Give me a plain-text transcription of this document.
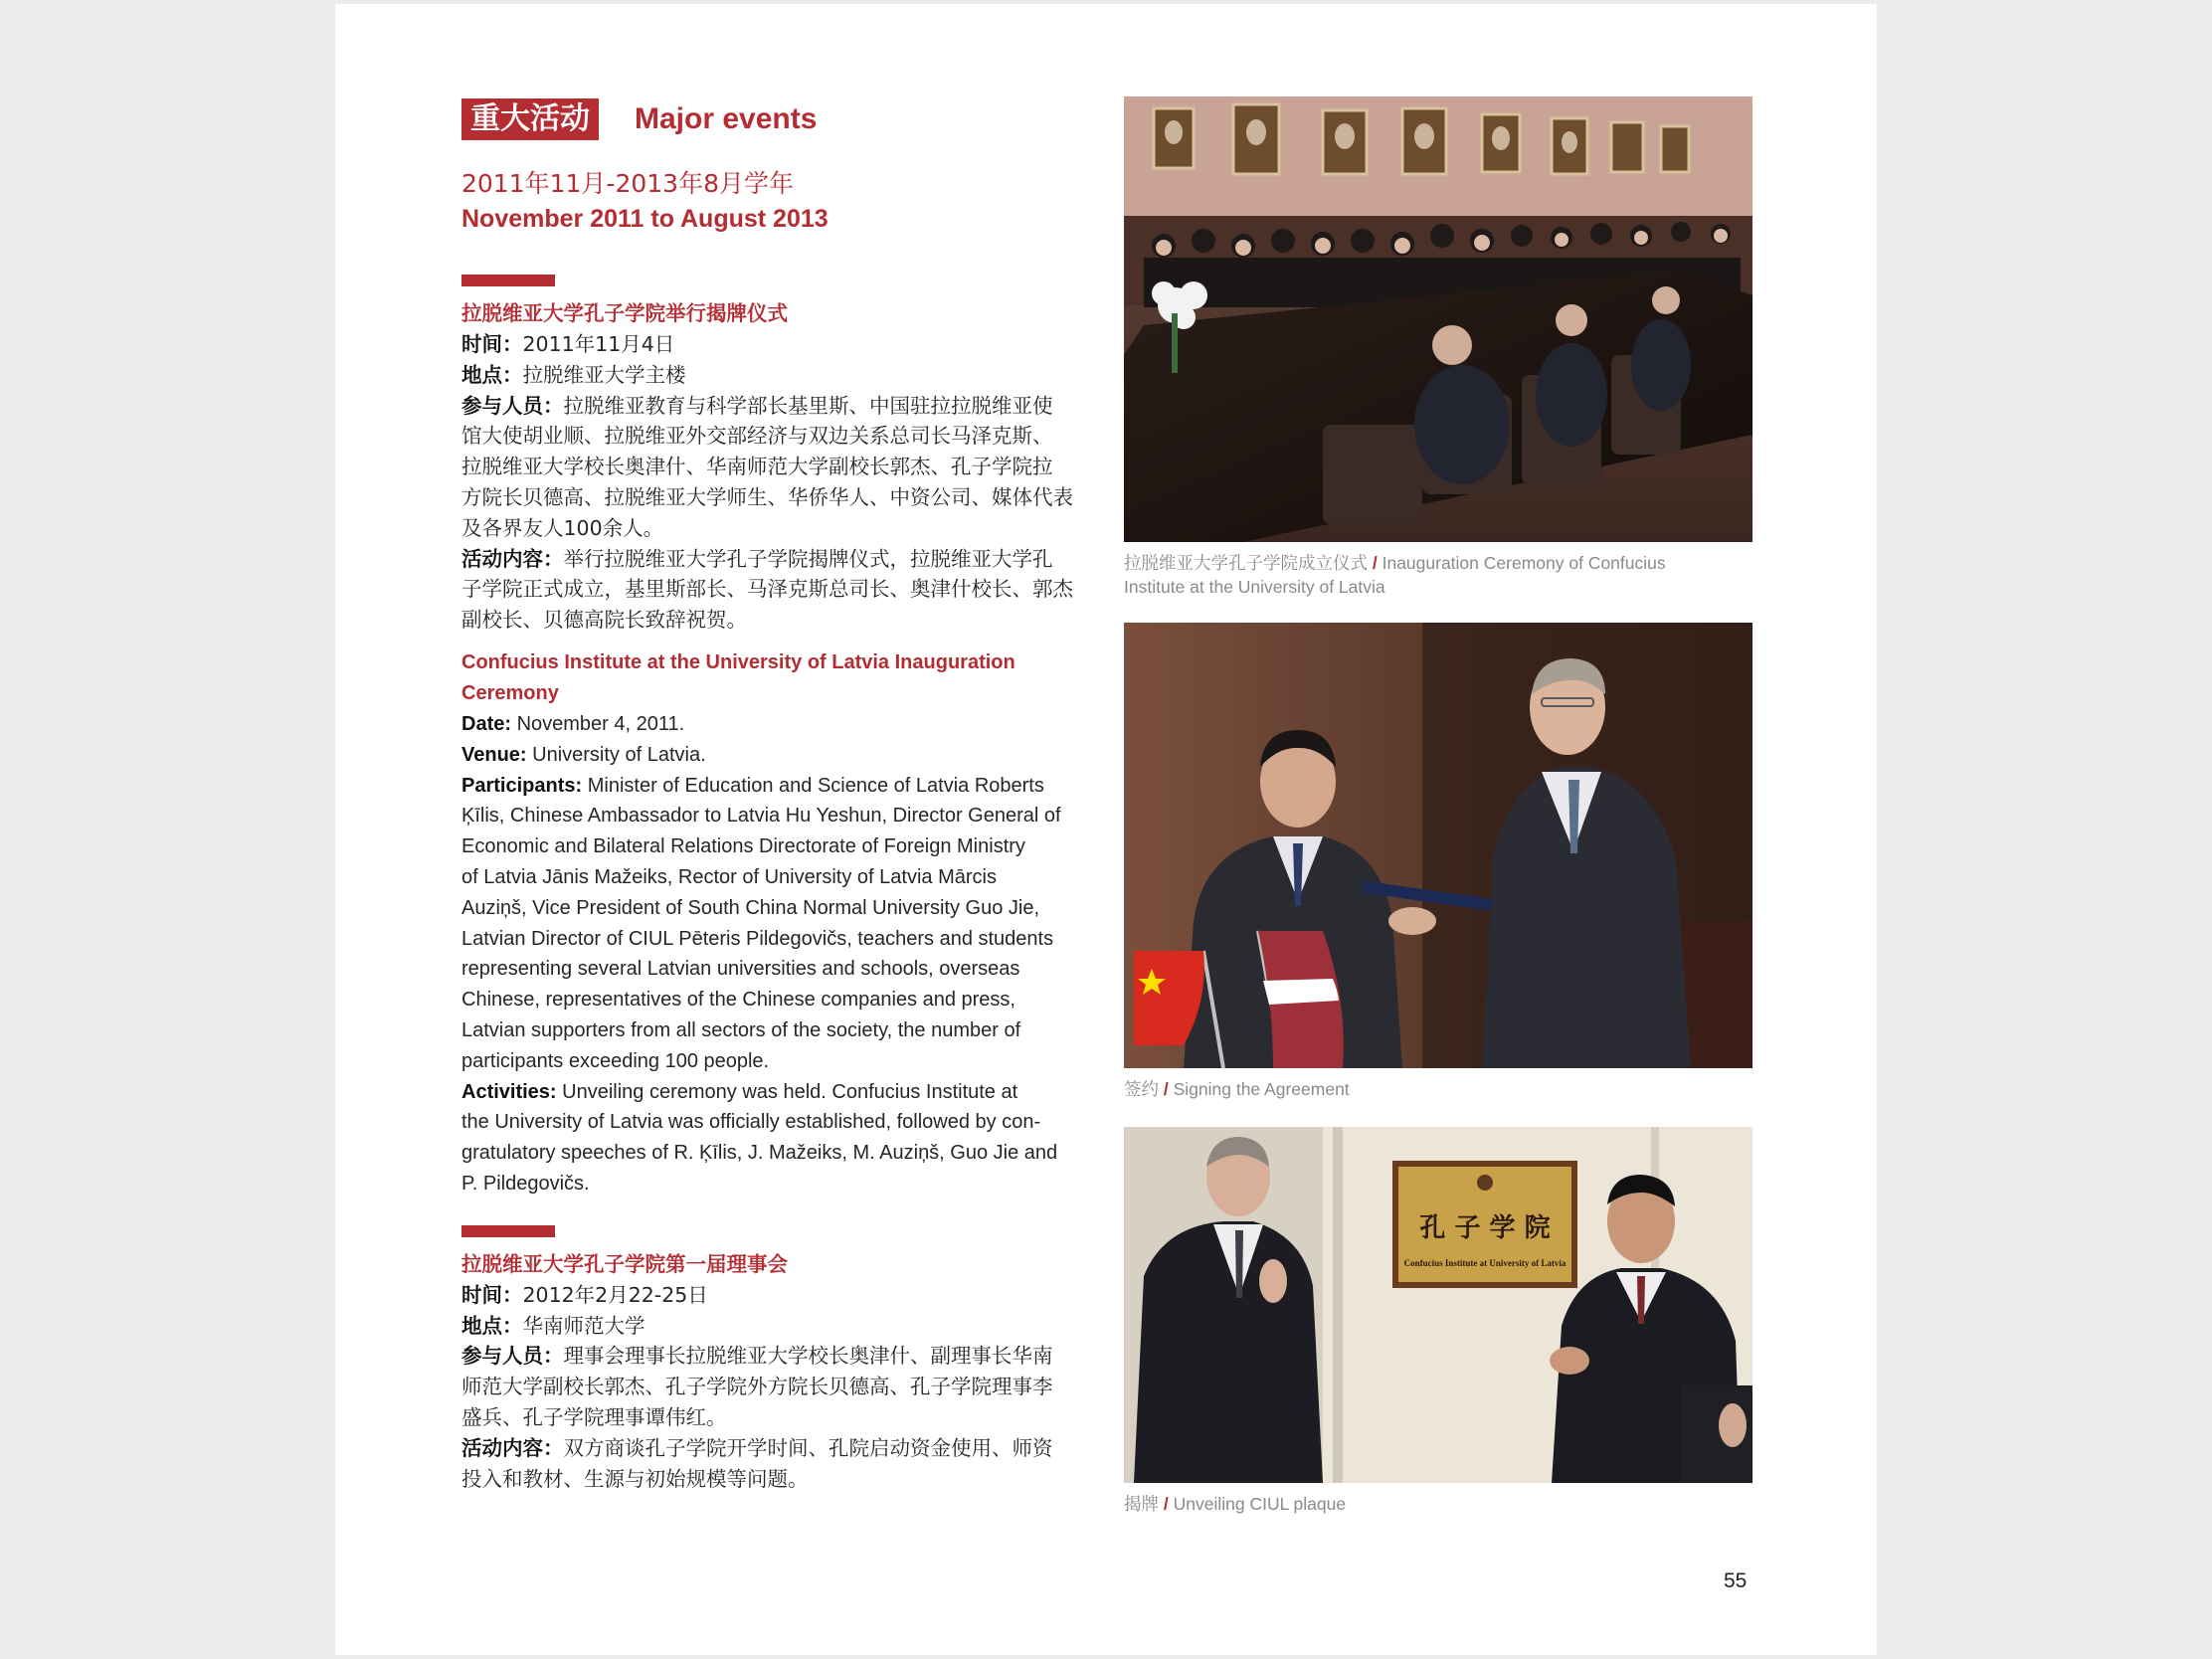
重大活动	Major events
2011年11月-2013年8月学年
November 2011 to August 2013
拉脱维亚大学孔子学院举行揭牌仪式
时间：2011年11月4日
地点：拉脱维亚大学主楼
参与人员：拉脱维亚教育与科学部长基里斯、中国驻拉拉脱维亚使
馆大使胡业顺、拉脱维亚外交部经济与双边关系总司长马泽克斯、
拉脱维亚大学校长奥津什、华南师范大学副校长郭杰、孔子学院拉
方院长贝德高、拉脱维亚大学师生、华侨华人、中资公司、媒体代表
及各界友人100余人。
活动内容：举行拉脱维亚大学孔子学院揭牌仪式，拉脱维亚大学孔
子学院正式成立，基里斯部长、马泽克斯总司长、奥津什校长、郭杰
副校长、贝德高院长致辞祝贺。
Confucius Institute at the University of Latvia Inauguration
Ceremony
Date: November 4, 2011.
Venue: University of Latvia.
Participants: Minister of Education and Science of Latvia Roberts
Ķīlis, Chinese Ambassador to Latvia Hu Yeshun, Director General of
Economic and Bilateral Relations Directorate of Foreign Ministry
of Latvia Jānis Mažeiks, Rector of University of Latvia Mārcis
Auziņš, Vice President of South China Normal University Guo Jie,
Latvian Director of CIUL Pēteris Pildegovičs, teachers and students
representing several Latvian universities and schools, overseas
Chinese, representatives of the Chinese companies and press,
Latvian supporters from all sectors of the society, the number of
participants exceeding 100 people.
Activities: Unveiling ceremony was held. Confucius Institute at
the University of Latvia was officially established, followed by con-
gratulatory speeches of R. Ķīlis, J. Mažeiks, M. Auziņš, Guo Jie and
P. Pildegovičs.
拉脱维亚大学孔子学院第一届理事会
时间：2012年2月22-25日
地点：华南师范大学
参与人员：理事会理事长拉脱维亚大学校长奥津什、副理事长华南
师范大学副校长郭杰、孔子学院外方院长贝德高、孔子学院理事李
盛兵、孔子学院理事谭伟红。
活动内容：双方商谈孔子学院开学时间、孔院启动资金使用、师资
投入和教材、生源与初始规模等问题。
拉脱维亚大学孔子学院成立仪式 / Inauguration Ceremony of Confucius
Institute at the University of Latvia
签约 / Signing the Agreement
孔 子 学 院
Confucius Institute at University of Latvia
揭牌 / Unveiling CIUL plaque
55
